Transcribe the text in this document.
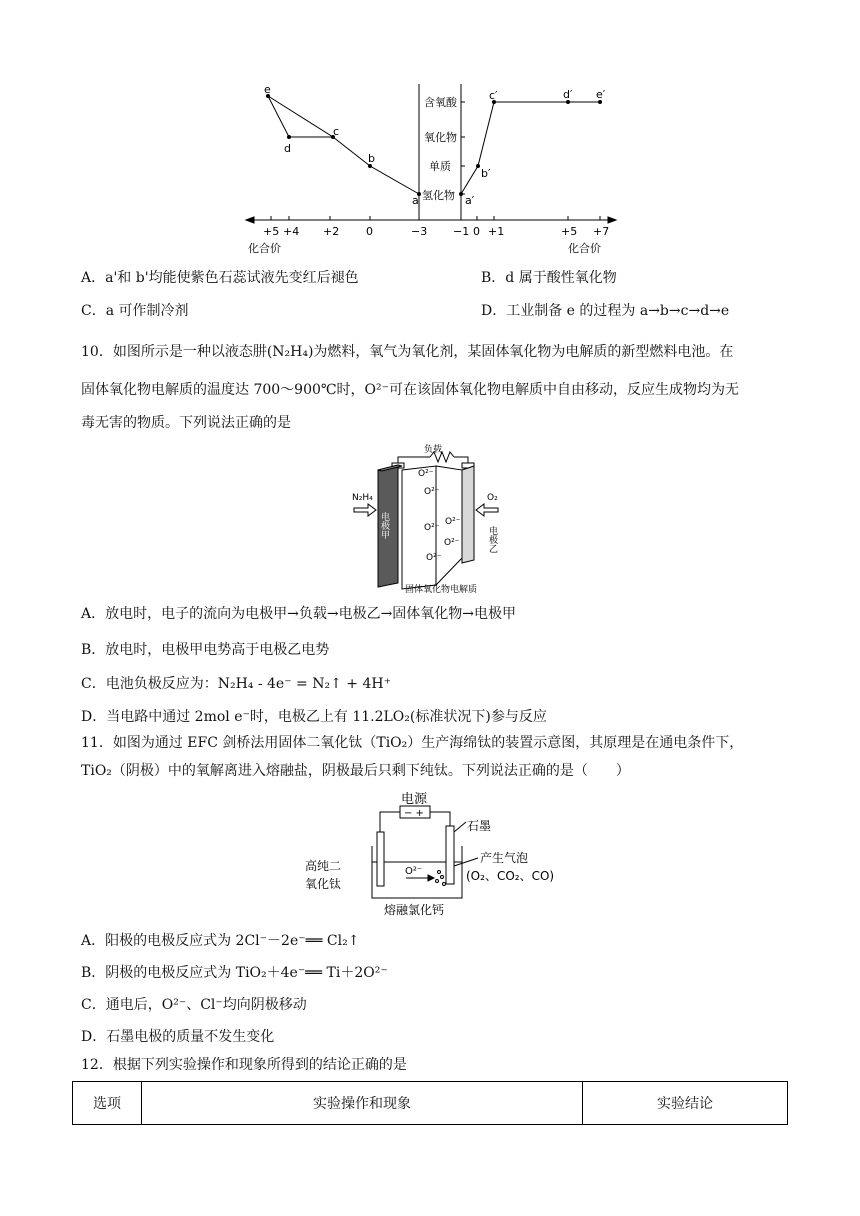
含氧酸
氧化物
单质
氢化物
e
d
c
b
a	a′
b′
c′	d′ e′
+5 +4 +2 0	−3 −1 0 +1	+5 +7
化合价	化合价
A．a'和 b'均能使紫色石蕊试液先变红后褪色	B．d 属于酸性氧化物
C．a 可作制冷剂	D．工业制备 e 的过程为 a→b→c→d→e
10．如图所示是一种以液态肼(N₂H₄)为燃料，氧气为氧化剂，某固体氧化物为电解质的新型燃料电池。在
固体氧化物电解质的温度达 700～900℃时，O²⁻可在该固体氧化物电解质中自由移动，反应生成物均为无
毒无害的物质。下列说法正确的是
负载
N₂H₄	O₂
O²⁻
O²⁻
O²⁻
O²⁻
O²⁻
O²⁻
固体氧化物电解质
电极甲
电极乙
A．放电时，电子的流向为电极甲→负载→电极乙→固体氧化物→电极甲
B．放电时，电极甲电势高于电极乙电势
C．电池负极反应为：N₂H₄ - 4e⁻ = N₂↑ + 4H⁺
D．当电路中通过 2mol e⁻时，电极乙上有 11.2LO₂(标准状况下)参与反应
11．如图为通过 EFC 剑桥法用固体二氧化钛（TiO₂）生产海绵钛的装置示意图，其原理是在通电条件下，
TiO₂（阴极）中的氧解离进入熔融盐，阴极最后只剩下纯钛。下列说法正确的是（　　）
电源
− +
石墨
高纯二
氧化钛
O²⁻
产生气泡
(O₂、CO₂、CO)
熔融氯化钙
A．阳极的电极反应式为 2Cl⁻－2e⁻══ Cl₂↑
B．阴极的电极反应式为 TiO₂＋4e⁻══ Ti＋2O²⁻
C．通电后，O²⁻、Cl⁻均向阴极移动
D．石墨电极的质量不发生变化
12．根据下列实验操作和现象所得到的结论正确的是
选项	实验操作和现象	实验结论
